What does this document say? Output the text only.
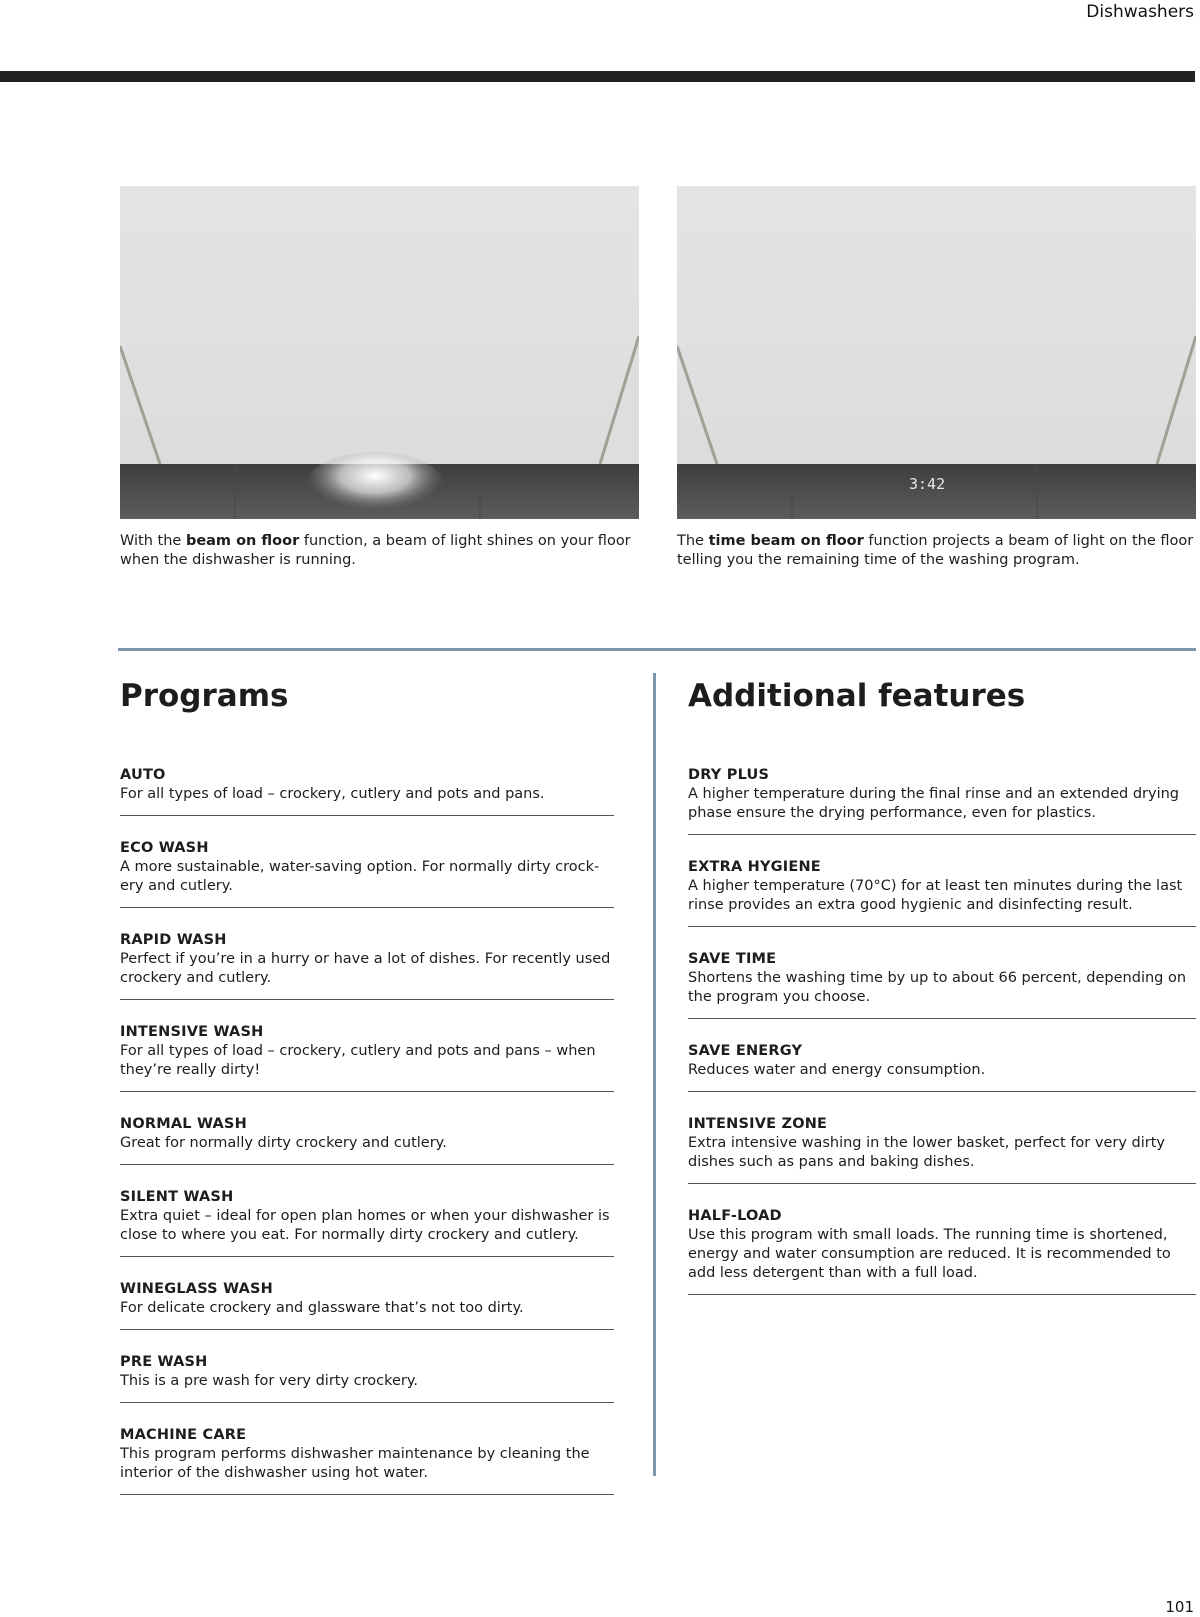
Dishwashers
3:42
With the beam on floor function, a beam of light shines on your floor when the dishwasher is running.
The time beam on floor function projects a beam of light on the floor telling you the remaining time of the washing program.
Programs	Additional features
AUTO
For all types of load – crockery, cutlery and pots and pans.
ECO WASH
A more sustainable, water-saving option. For normally dirty crock-ery and cutlery.
RAPID WASH
Perfect if you’re in a hurry or have a lot of dishes. For recently used crockery and cutlery.
INTENSIVE WASH
For all types of load – crockery, cutlery and pots and pans – when they’re really dirty!
NORMAL WASH
Great for normally dirty crockery and cutlery.
SILENT WASH
Extra quiet – ideal for open plan homes or when your dishwasher is close to where you eat. For normally dirty crockery and cutlery.
WINEGLASS WASH
For delicate crockery and glassware that’s not too dirty.
PRE WASH
This is a pre wash for very dirty crockery.
MACHINE CARE
This program performs dishwasher maintenance by cleaning the interior of the dishwasher using hot water.
DRY PLUS
A higher temperature during the final rinse and an extended drying phase ensure the drying performance, even for plastics.
EXTRA HYGIENE
A higher temperature (70°C) for at least ten minutes during the last rinse provides an extra good hygienic and disinfecting result.
SAVE TIME
Shortens the washing time by up to about 66 percent, depending on the program you choose.
SAVE ENERGY
Reduces water and energy consumption.
INTENSIVE ZONE
Extra intensive washing in the lower basket, perfect for very dirty dishes such as pans and baking dishes.
HALF-LOAD
Use this program with small loads. The running time is shortened, energy and water consumption are reduced. It is recommended to add less detergent than with a full load.
101
